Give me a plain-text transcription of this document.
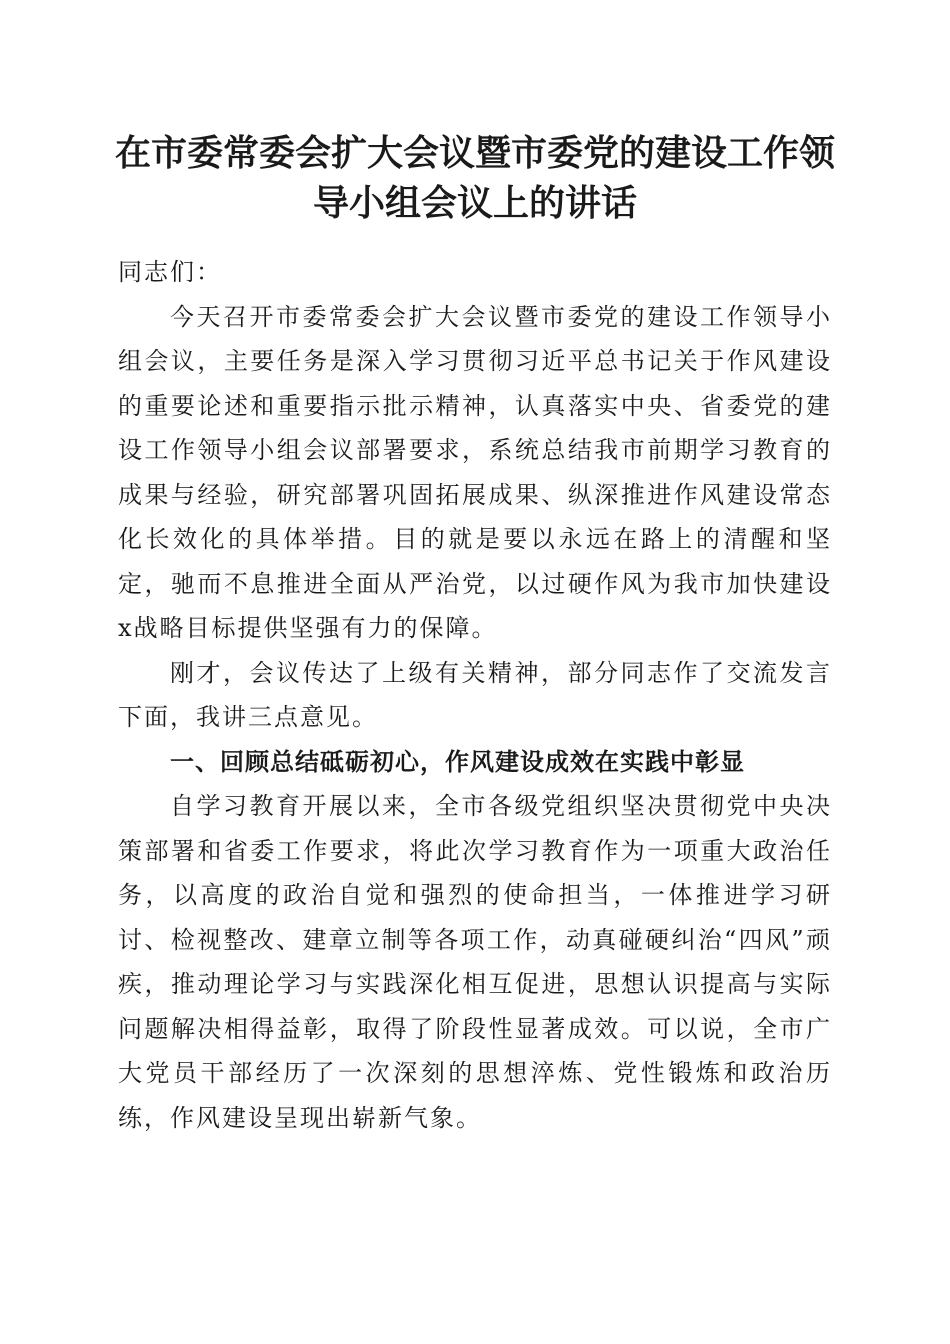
在市委常委会扩大会议暨市委党的建设工作领
导小组会议上的讲话

同志们：

今天召开市委常委会扩大会议暨市委党的建设工作领导小组会议，主要任务是深入学习贯彻习近平总书记关于作风建设的重要论述和重要指示批示精神，认真落实中央、省委党的建设工作领导小组会议部署要求，系统总结我市前期学习教育的成果与经验，研究部署巩固拓展成果、纵深推进作风建设常态化长效化的具体举措。目的就是要以永远在路上的清醒和坚定，驰而不息推进全面从严治党，以过硬作风为我市加快建设x战略目标提供坚强有力的保障。

刚才，会议传达了上级有关精神，部分同志作了交流发言下面，我讲三点意见。

一、回顾总结砥砺初心，作风建设成效在实践中彰显

自学习教育开展以来，全市各级党组织坚决贯彻党中央决策部署和省委工作要求，将此次学习教育作为一项重大政治任务，以高度的政治自觉和强烈的使命担当，一体推进学习研讨、检视整改、建章立制等各项工作，动真碰硬纠治“四风”顽疾，推动理论学习与实践深化相互促进，思想认识提高与实际问题解决相得益彰，取得了阶段性显著成效。可以说，全市广大党员干部经历了一次深刻的思想淬炼、党性锻炼和政治历练，作风建设呈现出崭新气象。
